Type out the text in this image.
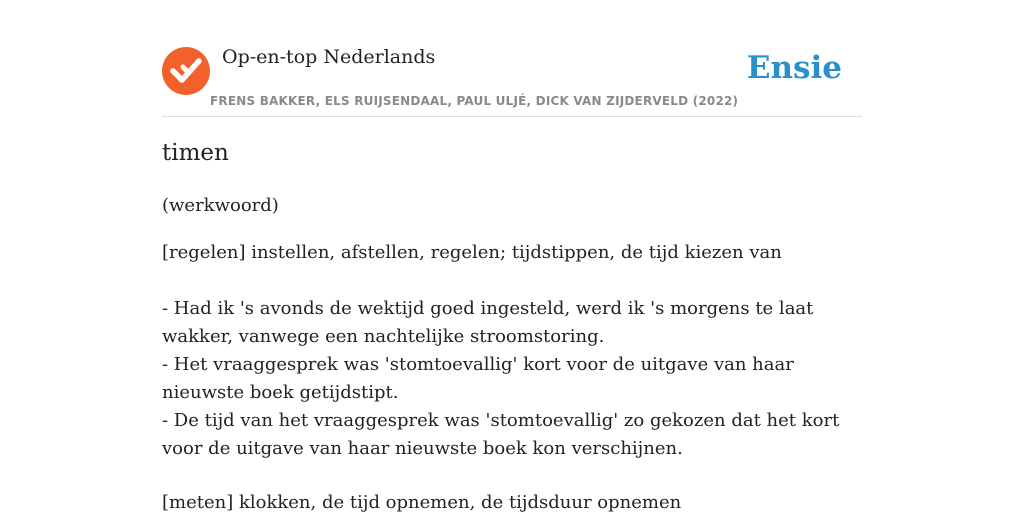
Op-en-top Nederlands
FRENS BAKKER, ELS RUIJSENDAAL, PAUL ULJÉ, DICK VAN ZIJDERVELD (2022)
Ensie
timen
(werkwoord)
[regelen] instellen, afstellen, regelen; tijdstippen, de tijd kiezen van

- Had ik 's avonds de wektijd goed ingesteld, werd ik 's morgens te laat wakker, vanwege een nachtelijke stroomstoring.

- Het vraaggesprek was 'stomtoevallig' kort voor de uitgave van haar nieuwste boek getijdstipt.

- De tijd van het vraaggesprek was 'stomtoevallig' zo gekozen dat het kort voor de uitgave van haar nieuwste boek kon verschijnen.

[meten] klokken, de tijd opnemen, de tijdsduur opnemen
